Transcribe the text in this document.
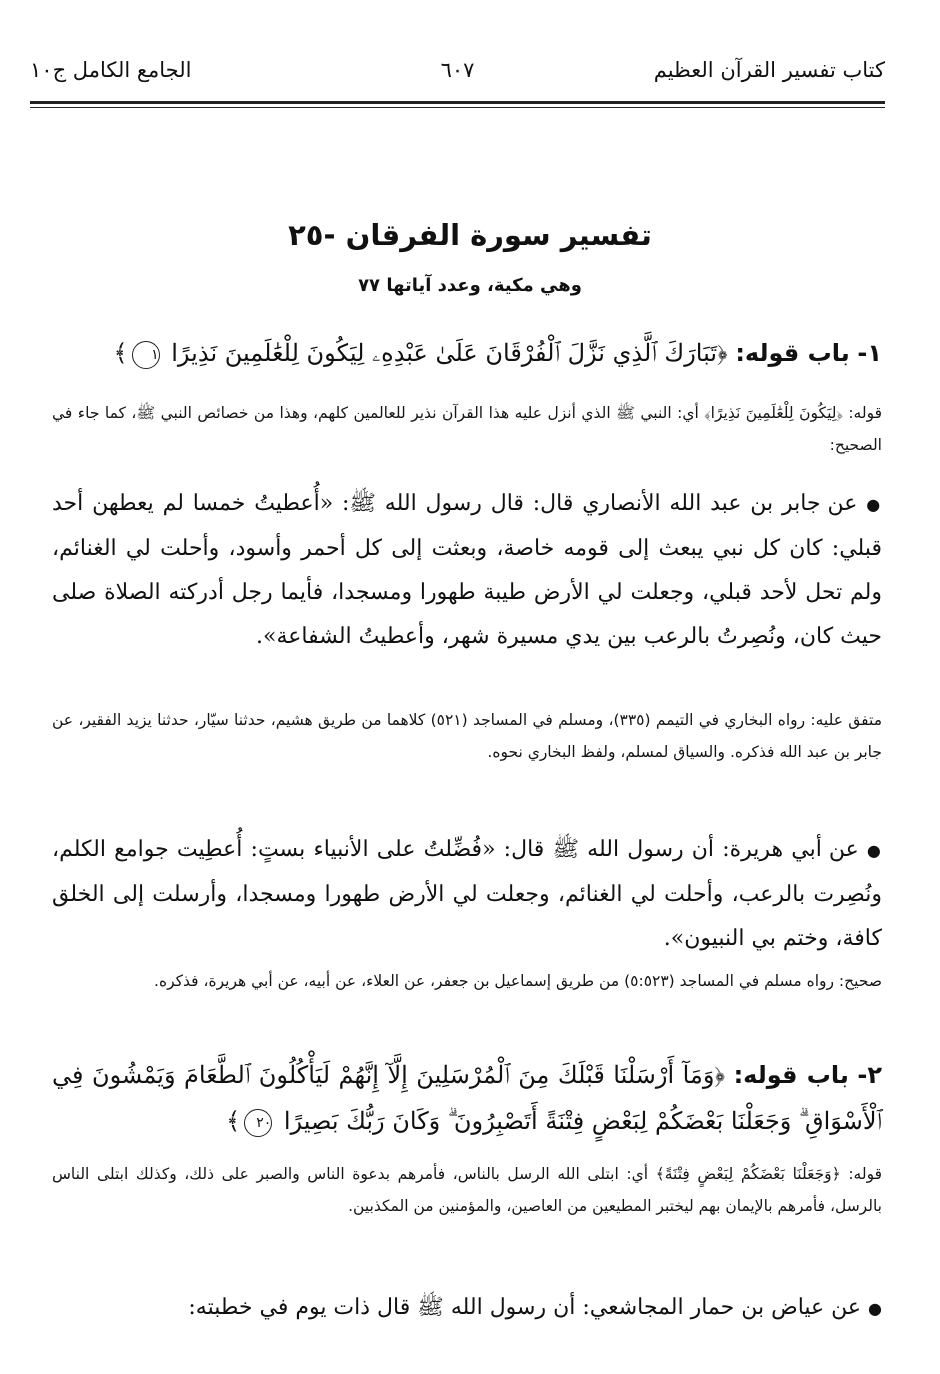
كتاب تفسير القرآن العظيم
٦٠٧
الجامع الكامل ج١٠
تفسير سورة الفرقان -٢٥
وهي مكية، وعدد آياتها ٧٧
١- باب قوله: ﴿تَبَارَكَ ٱلَّذِي نَزَّلَ ٱلْفُرْقَانَ عَلَىٰ عَبْدِهِۦ لِيَكُونَ لِلْعَٰلَمِينَ نَذِيرًا ١﴾
قوله: ﴿لِيَكُونَ لِلْعَٰلَمِينَ نَذِيرًا﴾ أي: النبي ﷺ الذي أنزل عليه هذا القرآن نذير للعالمين كلهم، وهذا من خصائص النبي ﷺ، كما جاء في الصحيح:
● عن جابر بن عبد الله الأنصاري قال: قال رسول الله ﷺ: «أُعطيتُ خمسا لم يعطهن أحد قبلي: كان كل نبي يبعث إلى قومه خاصة، وبعثت إلى كل أحمر وأسود، وأحلت لي الغنائم، ولم تحل لأحد قبلي، وجعلت لي الأرض طيبة طهورا ومسجدا، فأيما رجل أدركته الصلاة صلى حيث كان، ونُصِرتُ بالرعب بين يدي مسيرة شهر، وأعطيتُ الشفاعة».
متفق عليه: رواه البخاري في التيمم (٣٣٥)، ومسلم في المساجد (٥٢١) كلاهما من طريق هشيم، حدثنا سيّار، حدثنا يزيد الفقير، عن جابر بن عبد الله فذكره. والسياق لمسلم، ولفظ البخاري نحوه.
● عن أبي هريرة: أن رسول الله ﷺ قال: «فُضِّلتُ على الأنبياء بستٍ: أُعطِيت جوامع الكلم، ونُصِرت بالرعب، وأحلت لي الغنائم، وجعلت لي الأرض طهورا ومسجدا، وأرسلت إلى الخلق كافة، وختم بي النبيون».
صحيح: رواه مسلم في المساجد (٥:٥٢٣) من طريق إسماعيل بن جعفر، عن العلاء، عن أبيه، عن أبي هريرة، فذكره.
٢- باب قوله: ﴿وَمَآ أَرْسَلْنَا قَبْلَكَ مِنَ ٱلْمُرْسَلِينَ إِلَّآ إِنَّهُمْ لَيَأْكُلُونَ ٱلطَّعَامَ وَيَمْشُونَ فِي ٱلْأَسْوَاقِ ۗ وَجَعَلْنَا بَعْضَكُمْ لِبَعْضٍ فِتْنَةً أَتَصْبِرُونَ ۗ وَكَانَ رَبُّكَ بَصِيرًا ٢٠﴾
قوله: ﴿وَجَعَلْنَا بَعْضَكُمْ لِبَعْضٍ فِتْنَةً﴾ أي: ابتلى الله الرسل بالناس، فأمرهم بدعوة الناس والصبر على ذلك، وكذلك ابتلى الناس بالرسل، فأمرهم بالإيمان بهم ليختبر المطيعين من العاصين، والمؤمنين من المكذبين.
● عن عياض بن حمار المجاشعي: أن رسول الله ﷺ قال ذات يوم في خطبته:
